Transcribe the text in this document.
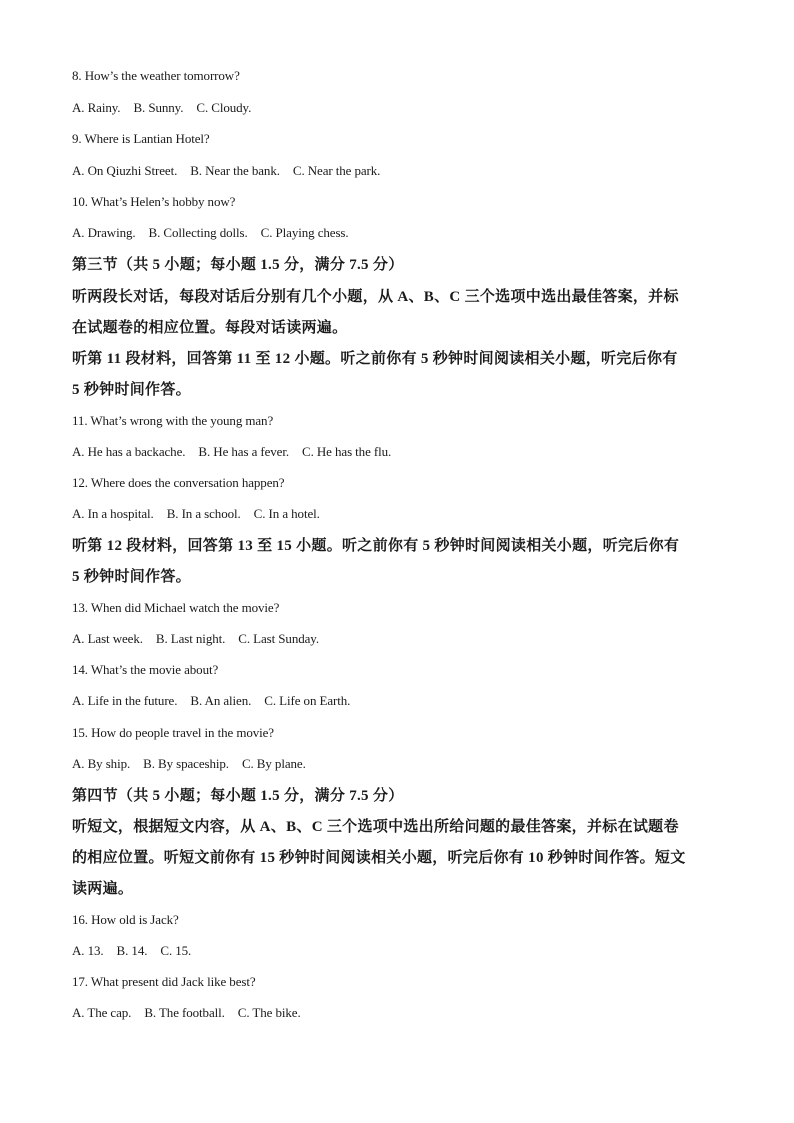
8. How’s the weather tomorrow?
A. Rainy. B. Sunny. C. Cloudy.
9. Where is Lantian Hotel?
A. On Qiuzhi Street. B. Near the bank. C. Near the park.
10. What’s Helen’s hobby now?
A. Drawing. B. Collecting dolls. C. Playing chess.
第三节（共 5 小题；每小题 1.5 分，满分 7.5 分）
听两段长对话，每段对话后分别有几个小题，从 A、B、C 三个选项中选出最佳答案，并标
在试题卷的相应位置。每段对话读两遍。
听第 11 段材料，回答第 11 至 12 小题。听之前你有 5 秒钟时间阅读相关小题，听完后你有
5 秒钟时间作答。
11. What’s wrong with the young man?
A. He has a backache. B. He has a fever. C. He has the flu.
12. Where does the conversation happen?
A. In a hospital. B. In a school. C. In a hotel.
听第 12 段材料，回答第 13 至 15 小题。听之前你有 5 秒钟时间阅读相关小题，听完后你有
5 秒钟时间作答。
13. When did Michael watch the movie?
A. Last week. B. Last night. C. Last Sunday.
14. What’s the movie about?
A. Life in the future. B. An alien. C. Life on Earth.
15. How do people travel in the movie?
A. By ship. B. By spaceship. C. By plane.
第四节（共 5 小题；每小题 1.5 分，满分 7.5 分）
听短文，根据短文内容，从 A、B、C 三个选项中选出所给问题的最佳答案，并标在试题卷
的相应位置。听短文前你有 15 秒钟时间阅读相关小题，听完后你有 10 秒钟时间作答。短文
读两遍。
16. How old is Jack?
A. 13. B. 14. C. 15.
17. What present did Jack like best?
A. The cap. B. The football. C. The bike.
